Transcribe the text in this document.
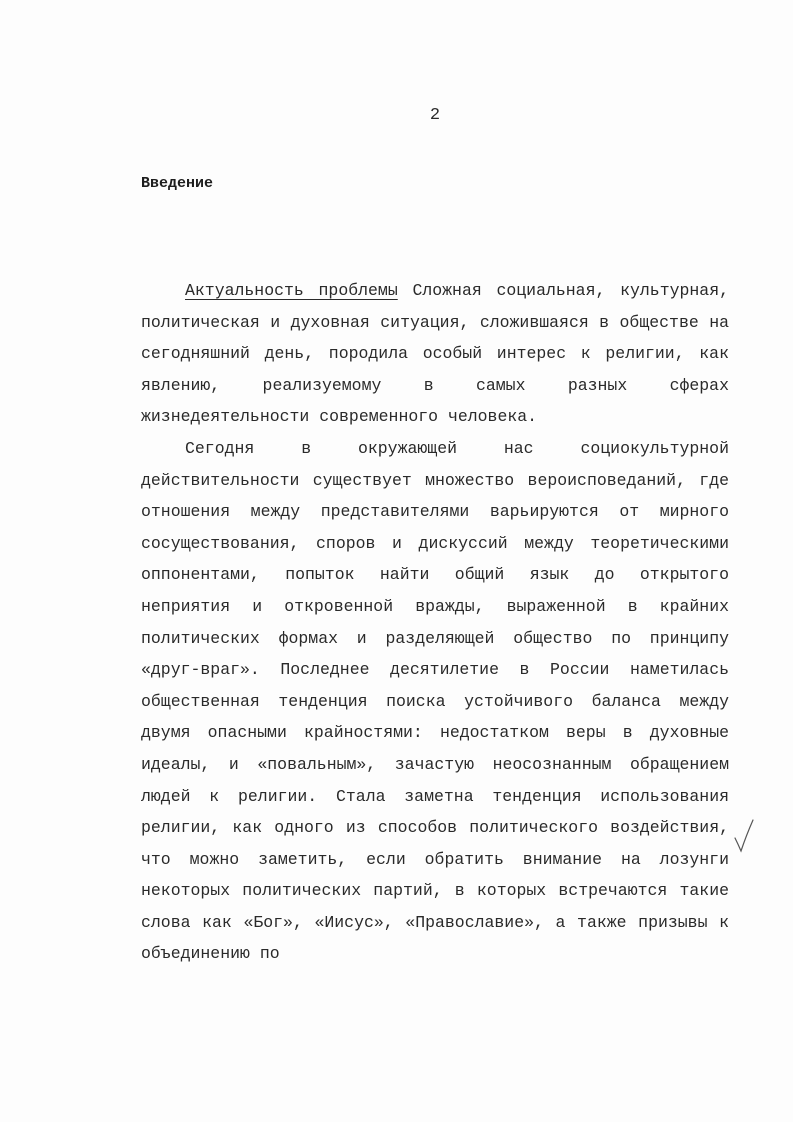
2
Введение

Актуальность проблемы Сложная социальная, культурная, политическая и духовная ситуация, сложившаяся в обществе на сегодняшний день, породила особый интерес к религии, как явлению, реализуемому в самых разных сферах жизнедеятельности современного человека.

Сегодня в окружающей нас социокультурной действительности существует множество вероисповеданий, где отношения между представителями варьируются от мирного сосуществования, споров и дискуссий между теоретическими оппонентами, попыток найти общий язык до открытого неприятия и откровенной вражды, выраженной в крайних политических формах и разделяющей общество по принципу «друг-враг». Последнее десятилетие в России наметилась общественная тенденция поиска устойчивого баланса между двумя опасными крайностями: недостатком веры в духовные идеалы, и «повальным», зачастую неосознанным обращением людей к религии. Стала заметна тенденция использования религии, как одного из способов политического воздействия, что можно заметить, если обратить внимание на лозунги некоторых политических партий, в которых встречаются такие слова как «Бог», «Иисус», «Православие», а также призывы к объединению по
